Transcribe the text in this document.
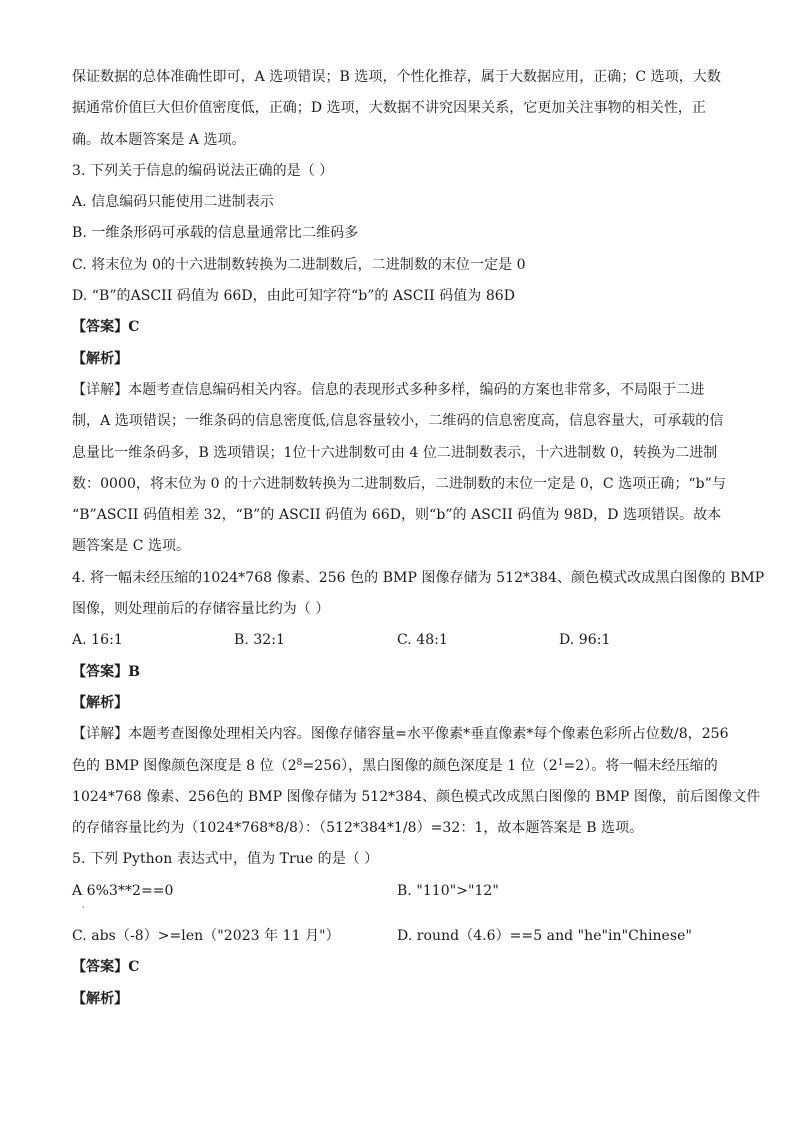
保证数据的总体准确性即可，A 选项错误；B 选项，个性化推荐，属于大数据应用，正确；C 选项，大数
据通常价值巨大但价值密度低，正确；D 选项，大数据不讲究因果关系，它更加关注事物的相关性，正
确。故本题答案是 A 选项。
3. 下列关于信息的编码说法正确的是（ ）
A. 信息编码只能使用二进制表示
B. 一维条形码可承载的信息量通常比二维码多
C. 将末位为 0的十六进制数转换为二进制数后，二进制数的末位一定是 0
D. “B”的ASCII 码值为 66D，由此可知字符“b”的 ASCII 码值为 86D
【答案】C
【解析】
【详解】本题考查信息编码相关内容。信息的表现形式多种多样，编码的方案也非常多，不局限于二进
制，A 选项错误；一维条码的信息密度低,信息容量较小，二维码的信息密度高，信息容量大，可承载的信
息量比一维条码多，B 选项错误；1位十六进制数可由 4 位二进制数表示，十六进制数 0，转换为二进制
数：0000，将末位为 0 的十六进制数转换为二进制数后，二进制数的末位一定是 0，C 选项正确；“b”与
“B”ASCII 码值相差 32，“B”的 ASCII 码值为 66D，则“b”的 ASCII 码值为 98D，D 选项错误。故本
题答案是 C 选项。
4. 将一幅未经压缩的1024*768 像素、256 色的 BMP 图像存储为 512*384、颜色模式改成黑白图像的 BMP
图像，则处理前后的存储容量比约为（ ）
A. 16:1	B. 32:1	C. 48:1	D. 96:1
【答案】B
【解析】
【详解】本题考查图像处理相关内容。图像存储容量=水平像素*垂直像素*每个像素色彩所占位数/8，256
色的 BMP 图像颜色深度是 8 位$(2^8=256)$，黑白图像的颜色深度是 1 位$(2^1=2)$。将一幅未经压缩的
1024*768 像素、256色的 BMP 图像存储为 512*384、颜色模式改成黑白图像的 BMP 图像，前后图像文件
的存储容量比约为（1024*768*8/8）：（512*384*1/8）=32：1，故本题答案是 B 选项。
5. 下列 Python 表达式中，值为 True 的是（ ）
A 6%3**2==0	B. "110">"12"
·
C. abs（-8）>=len（"2023 年 11 月"）	D. round（4.6）==5 and "he"in"Chinese"
【答案】C
【解析】
